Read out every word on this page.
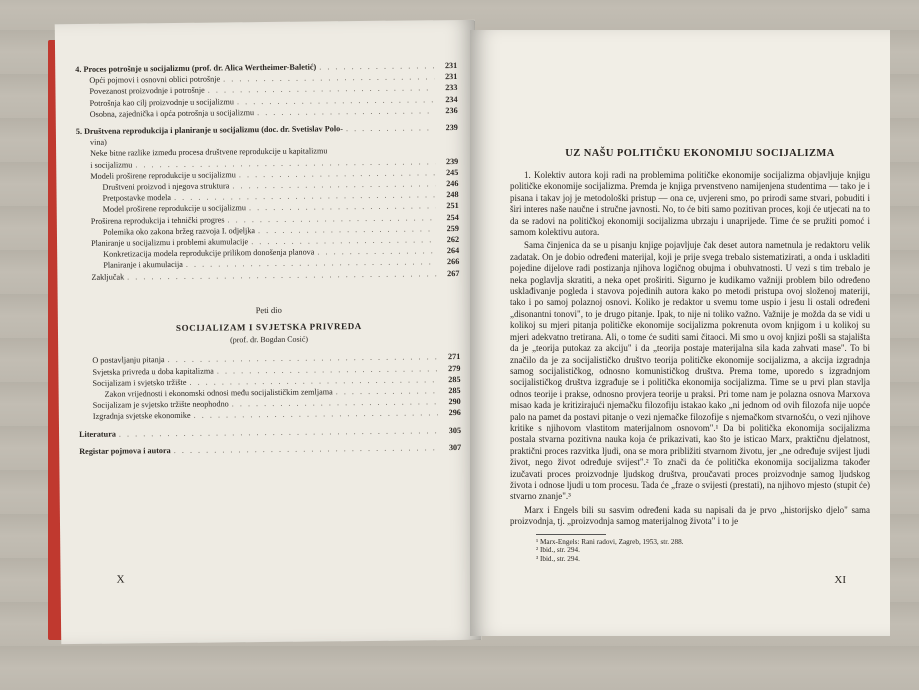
4. Proces potrošnje u socijalizmu (prof. dr. Alica Wertheimer-Baletić) . . .	231
Opći pojmovi i osnovni oblici potrošnje . . .	231
Povezanost proizvodnje i potrošnje . . .	233
Potrošnja kao cilj proizvodnje u socijalizmu . . .	234
Osobna, zajednička i opća potrošnja u socijalizmu . . .	236
5. Društvena reprodukcija i planiranje u socijalizmu (doc. dr. Svetislav Polo- . . .	239
vina)
Neke bitne razlike između procesa društvene reprodukcije u kapitalizmu
i socijalizmu . . .	239
Modeli proširene reprodukcije u socijalizmu . . .	245
Društveni proizvod i njegova struktura . . .	246
Pretpostavke modela . . .	248
Model proširene reprodukcije u socijalizmu . . .	251
Proširena reprodukcija i tehnički progres . . .	254
Polemika oko zakona bržeg razvoja I. odjeljka . . .	259
Planiranje u socijalizmu i problemi akumulacije . . .	262
Konkretizacija modela reprodukcije prilikom donošenja planova . . .	264
Planiranje i akumulacija . . .	266
Zaključak . . .	267
Peti dio
SOCIJALIZAM I SVJETSKA PRIVREDA
(prof. dr. Bogdan Cosić)
O postavljanju pitanja . . .	271
Svjetska privreda u doba kapitalizma . . .	279
Socijalizam i svjetsko tržište . . .	285
Zakon vrijednosti i ekonomski odnosi među socijalističkim zemljama . . .	285
Socijalizam je svjetsko tržište neophodno . . .	290
Izgradnja svjetske ekonomike . . .	296
Literatura . . .	305
Registar pojmova i autora . . .	307
X
UZ NAŠU POLITIČKU EKONOMIJU SOCIJALIZMA

1. Kolektiv autora koji radi na problemima političke ekonomije socijalizma objavljuje knjigu političke ekonomije socijalizma. Premda je knjiga prvenstveno namijenjena studentima — tako je i pisana i takav joj je metodološki pristup — ona ce, uvjereni smo, po prirodi same stvari, pobuditi i širi interes naše naučne i stručne javnosti. No, to će biti samo pozitivan proces, koji će utjecati na to da se radovi na političkoj ekonomiji socijalizma ubrzaju i unaprijede. Time će se pružiti pomoć i samom kolektivu autora.

Sama činjenica da se u pisanju knjige pojavljuje čak deset autora nametnula je redaktoru velik zadatak. On je dobio određeni materijal, koji je prije svega trebalo sistematizirati, a onda i uskladiti pojedine dijelove radi postizanja njihova logičnog obujma i obuhvatnosti. U vezi s tim trebalo je neka poglavlja skratiti, a neka opet proširiti. Sigurno je kudikamo važniji problem bilo određeno usklađivanje pogleda i stavova pojedinih autora kako po metodi pristupa ovoj složenoj materiji, tako i po samoj polaznoj osnovi. Koliko je redaktor u svemu tome uspio i jesu li ostali određeni „disonantni tonovi", to je drugo pitanje. Ipak, to nije ni toliko važno. Važnije je možda da se vidi u kolikoj su mjeri pitanja političke ekonomije socijalizma pokrenuta ovom knjigom i u kolikoj su mjeri adekvatno tretirana. Ali, o tome će suditi sami čitaoci. Mi smo u ovoj knjizi pošli sa stajališta da je „teorija putokaz za akciju" i da „teorija postaje materijalna sila kada zahvati mase". To bi značilo da je za socijalističko društvo teorija političke ekonomije socijalizma, a akcija izgradnja samog socijalističkog, odnosno komunističkog društva. Prema tome, uporedo s izgradnjom socijalističkog društva izgrađuje se i politička ekonomija socijalizma. Time se u prvi plan stavlja odnos teorije i prakse, odnosno provjera teorije u praksi. Pri tome nam je polazna osnova Marxova misao kada je kritizirajući njemačku filozofiju istakao kako „ni jednom od ovih filozofa nije uopće palo na pamet da postavi pitanje o vezi njemačke filozofije s njemačkom stvarnošću, o vezi njihove kritike s njihovom vlastitom materijalnom osnovom".¹ Da bi politička ekonomija socijalizma postala stvarna pozitivna nauka koja će prikazivati, kao što je isticao Marx, praktičnu djelatnost, praktični proces razvitka ljudi, ona se mora približiti stvarnom životu, jer „ne određuje svijest ljudi život, nego život određuje svijest".² To znači da će politička ekonomija socijalizma također izučavati proces proizvodnje ljudskog društva, proučavati proces proizvodnje samog ljudskog života i odnose ljudi u tom procesu. Tada će „fraze o svijesti (prestati), na njihovo mjesto (stupit će) stvarno znanje".³

Marx i Engels bili su sasvim određeni kada su napisali da je prvo „historijsko djelo" sama proizvodnja, tj. „proizvodnja samog materijalnog života" i to je

¹ Marx-Engels: Rani radovi, Zagreb, 1953, str. 288.
² Ibid., str. 294.
³ Ibid., str. 294.
XI
